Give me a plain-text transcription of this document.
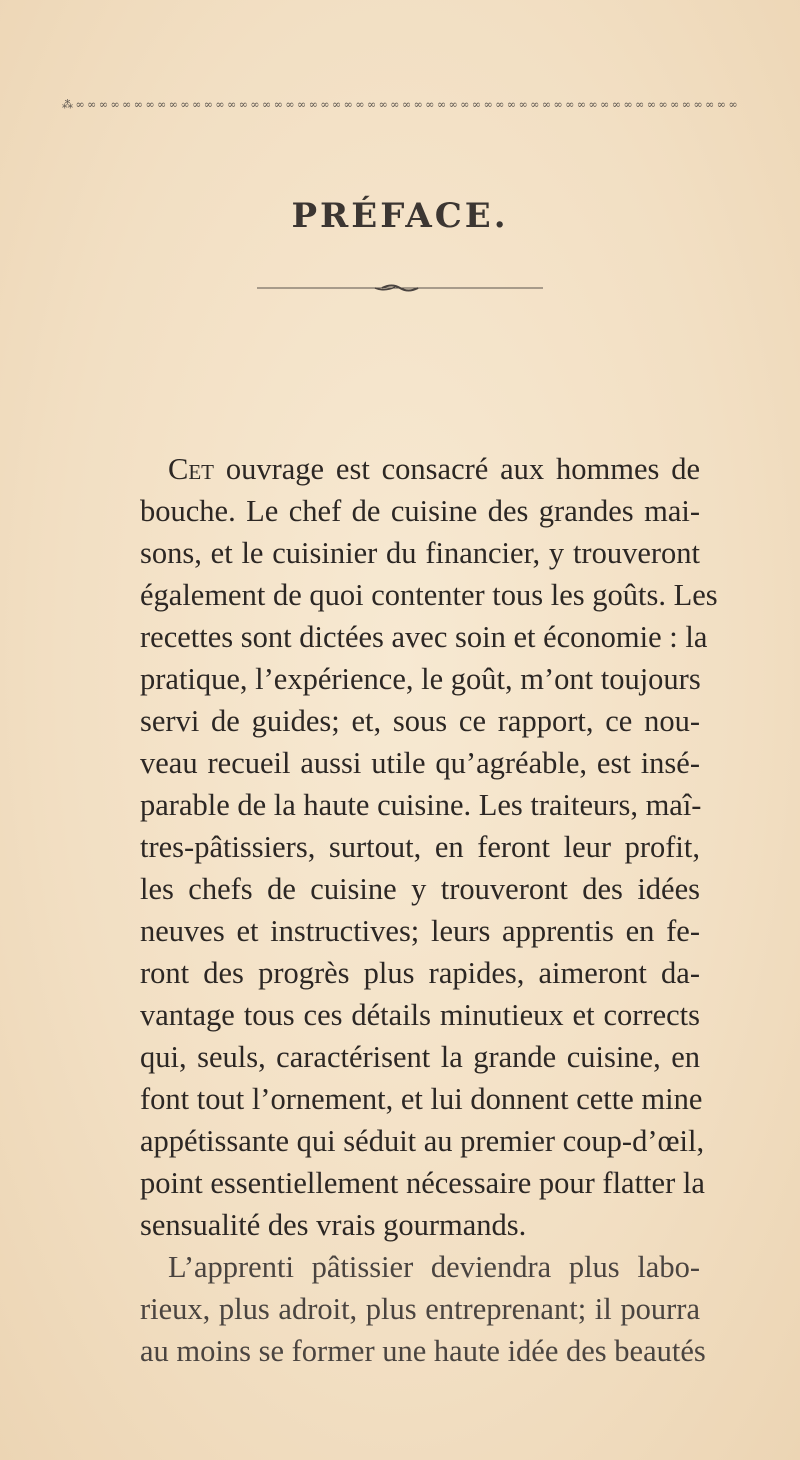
⁂ ∞ ∞ ∞ ∞ ∞ ∞ ∞ ∞ ∞ ∞ ∞ ∞ ∞ ∞ ∞ ∞ ∞ ∞ ∞ ∞ ∞ ∞ ∞ ∞ ∞ ∞ ∞ ∞ ∞ ∞ ∞ ∞ ∞ ∞ ∞ ∞ ∞ ∞ ∞ ∞ ∞ ∞ ∞ ∞ ∞ ∞ ∞ ∞ ∞ ∞ ∞ ∞ ∞ ∞ ∞ ∞ ∞
PRÉFACE.
Cet ouvrage est consacré aux hommes de
bouche. Le chef de cuisine des grandes mai-
sons, et le cuisinier du financier, y trouveront
également de quoi contenter tous les goûts. Les
recettes sont dictées avec soin et économie : la
pratique, l’expérience, le goût, m’ont toujours
servi de guides; et, sous ce rapport, ce nou-
veau recueil aussi utile qu’agréable, est insé-
parable de la haute cuisine. Les traiteurs, maî-
tres-pâtissiers, surtout, en feront leur profit,
les chefs de cuisine y trouveront des idées
neuves et instructives; leurs apprentis en fe-
ront des progrès plus rapides, aimeront da-
vantage tous ces détails minutieux et corrects
qui, seuls, caractérisent la grande cuisine, en
font tout l’ornement, et lui donnent cette mine
appétissante qui séduit au premier coup-d’œil,
point essentiellement nécessaire pour flatter la
sensualité des vrais gourmands.
L’apprenti pâtissier deviendra plus labo-
rieux, plus adroit, plus entreprenant; il pourra
au moins se former une haute idée des beautés
